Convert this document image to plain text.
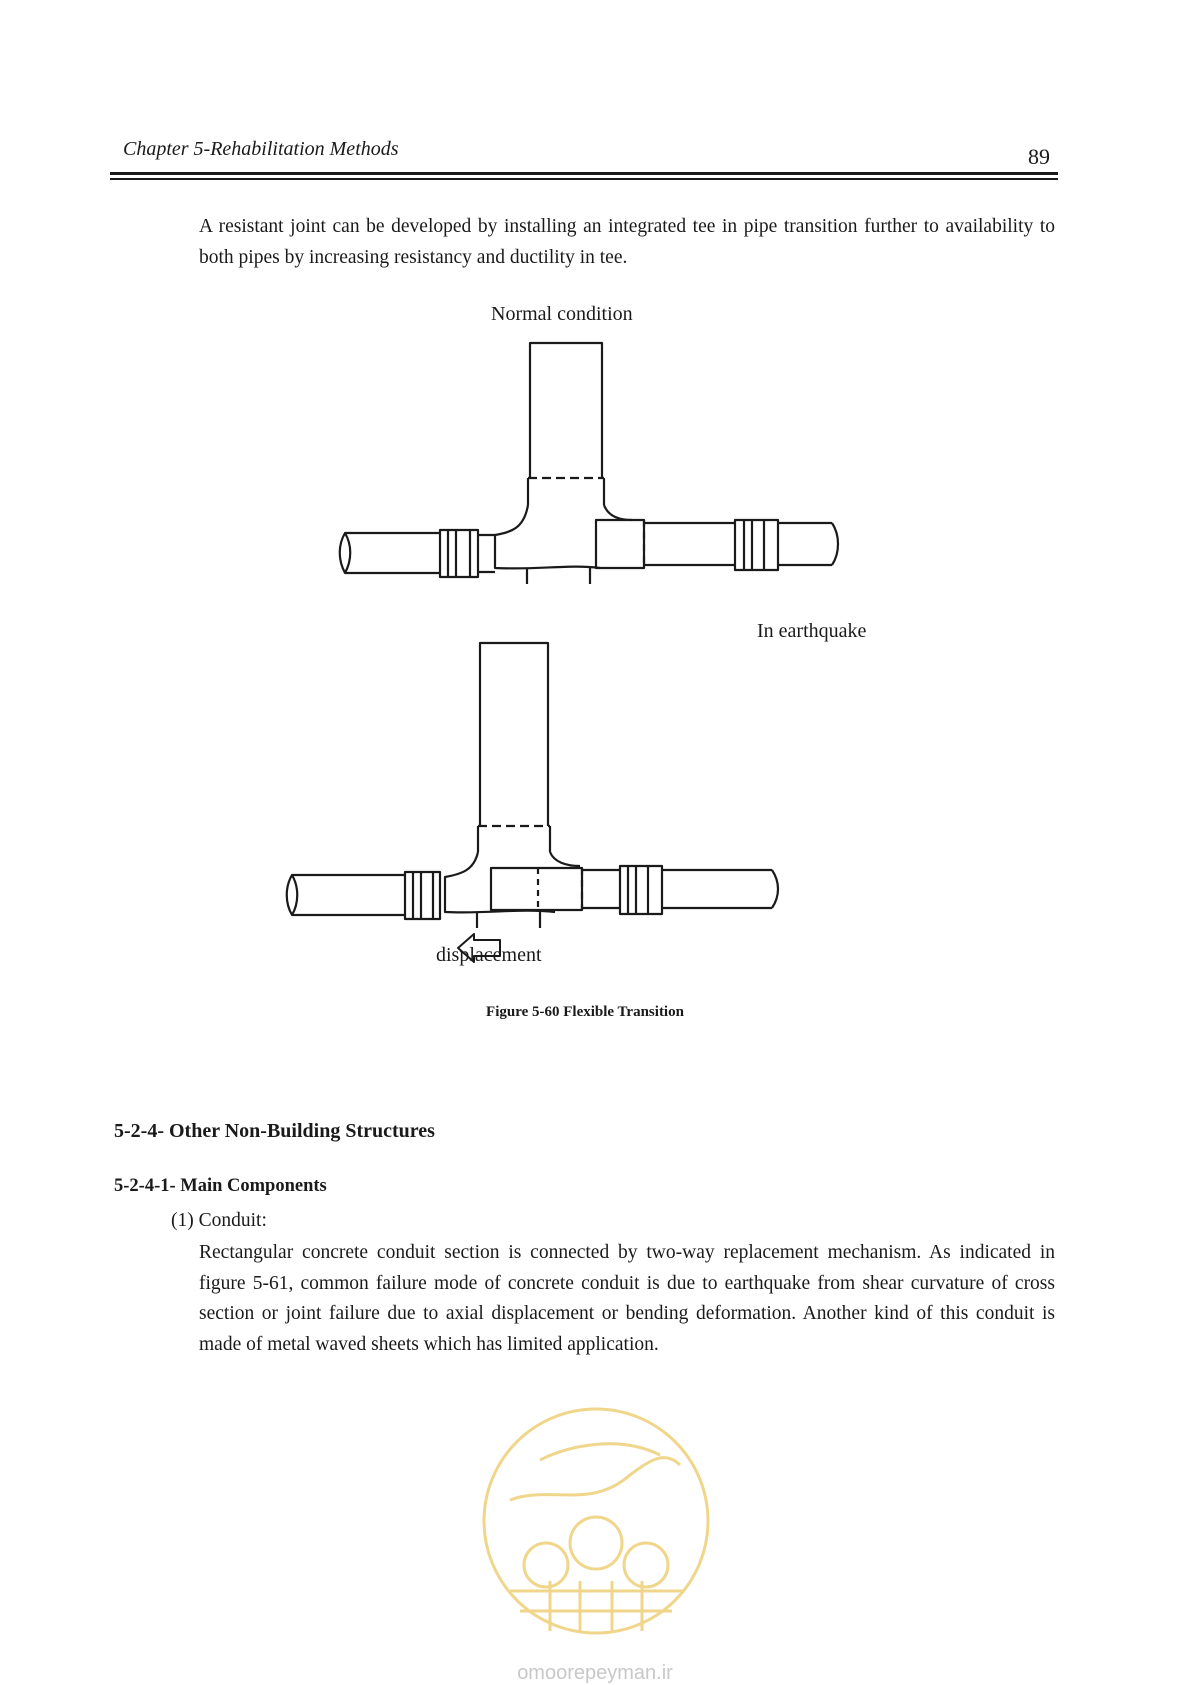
Chapter 5-Rehabilitation Methods	89
A resistant joint can be developed by installing an integrated tee in pipe transition further to availability to both pipes by increasing resistancy and ductility in tee.
Normal condition
In earthquake
displacement
Figure 5-60 Flexible Transition
5-2-4- Other Non-Building Structures
5-2-4-1- Main Components
(1) Conduit:
Rectangular concrete conduit section is connected by two-way replacement mechanism. As indicated in figure 5-61, common failure mode of concrete conduit is due to earthquake from shear curvature of cross section or joint failure due to axial displacement or bending deformation. Another kind of this conduit is made of metal waved sheets which has limited application.
omoorepeyman.ir
